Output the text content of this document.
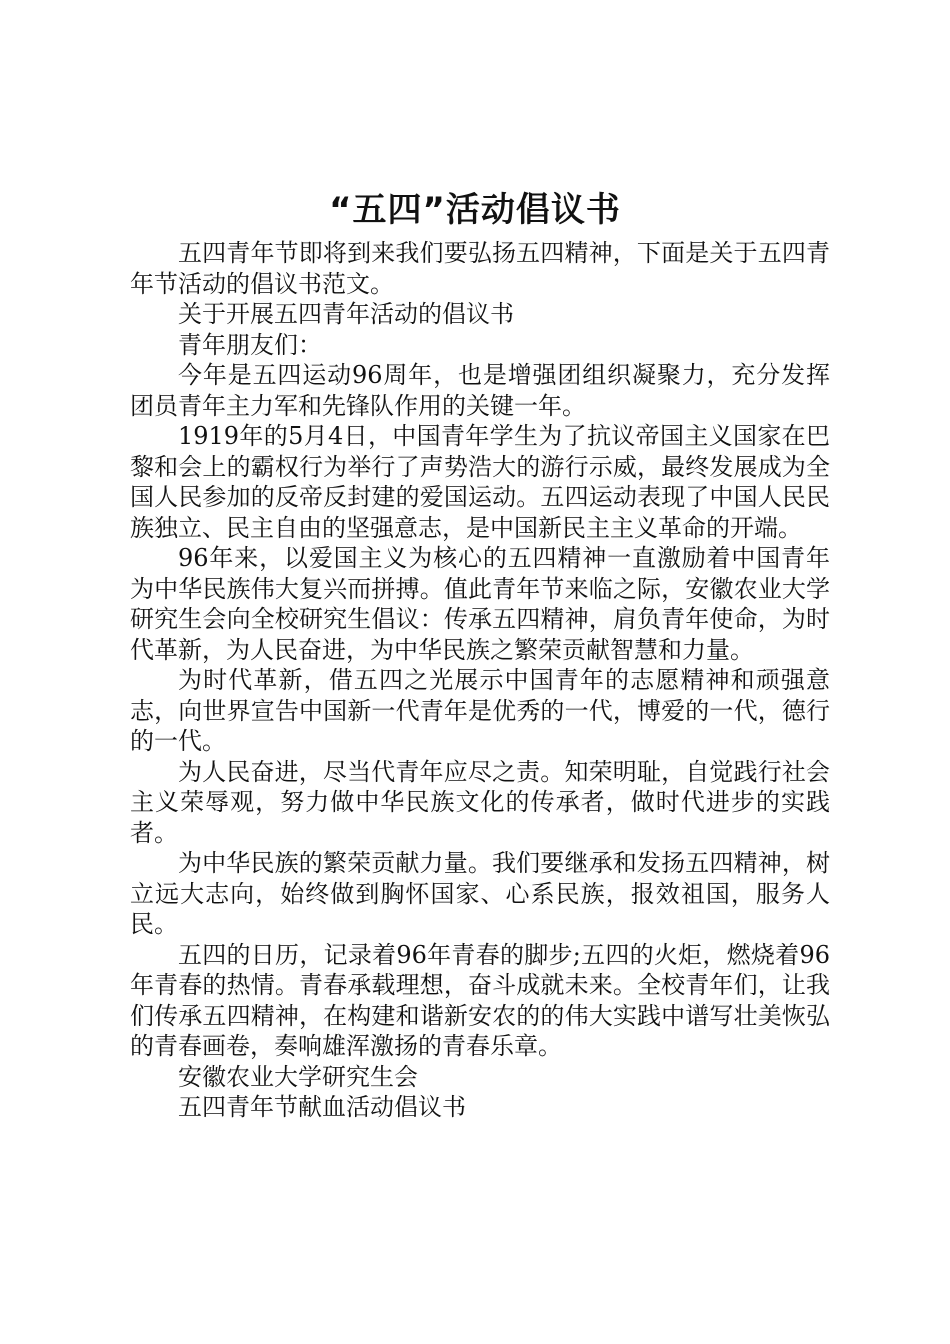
“五四”活动倡议书

五四青年节即将到来我们要弘扬五四精神，下面是关于五四青年节活动的倡议书范文。

关于开展五四青年活动的倡议书

青年朋友们：

今年是五四运动96周年，也是增强团组织凝聚力，充分发挥团员青年主力军和先锋队作用的关键一年。

1919年的5月4日，中国青年学生为了抗议帝国主义国家在巴黎和会上的霸权行为举行了声势浩大的游行示威，最终发展成为全国人民参加的反帝反封建的爱国运动。五四运动表现了中国人民民族独立、民主自由的坚强意志，是中国新民主主义革命的开端。

96年来，以爱国主义为核心的五四精神一直激励着中国青年为中华民族伟大复兴而拼搏。值此青年节来临之际，安徽农业大学研究生会向全校研究生倡议：传承五四精神，肩负青年使命，为时代革新，为人民奋进，为中华民族之繁荣贡献智慧和力量。

为时代革新，借五四之光展示中国青年的志愿精神和顽强意志，向世界宣告中国新一代青年是优秀的一代，博爱的一代，德行的一代。

为人民奋进，尽当代青年应尽之责。知荣明耻，自觉践行社会主义荣辱观，努力做中华民族文化的传承者，做时代进步的实践者。

为中华民族的繁荣贡献力量。我们要继承和发扬五四精神，树立远大志向，始终做到胸怀国家、心系民族，报效祖国，服务人民。

五四的日历，记录着96年青春的脚步;五四的火炬，燃烧着96年青春的热情。青春承载理想，奋斗成就未来。全校青年们，让我们传承五四精神，在构建和谐新安农的的伟大实践中谱写壮美恢弘的青春画卷，奏响雄浑激扬的青春乐章。

安徽农业大学研究生会

五四青年节献血活动倡议书
